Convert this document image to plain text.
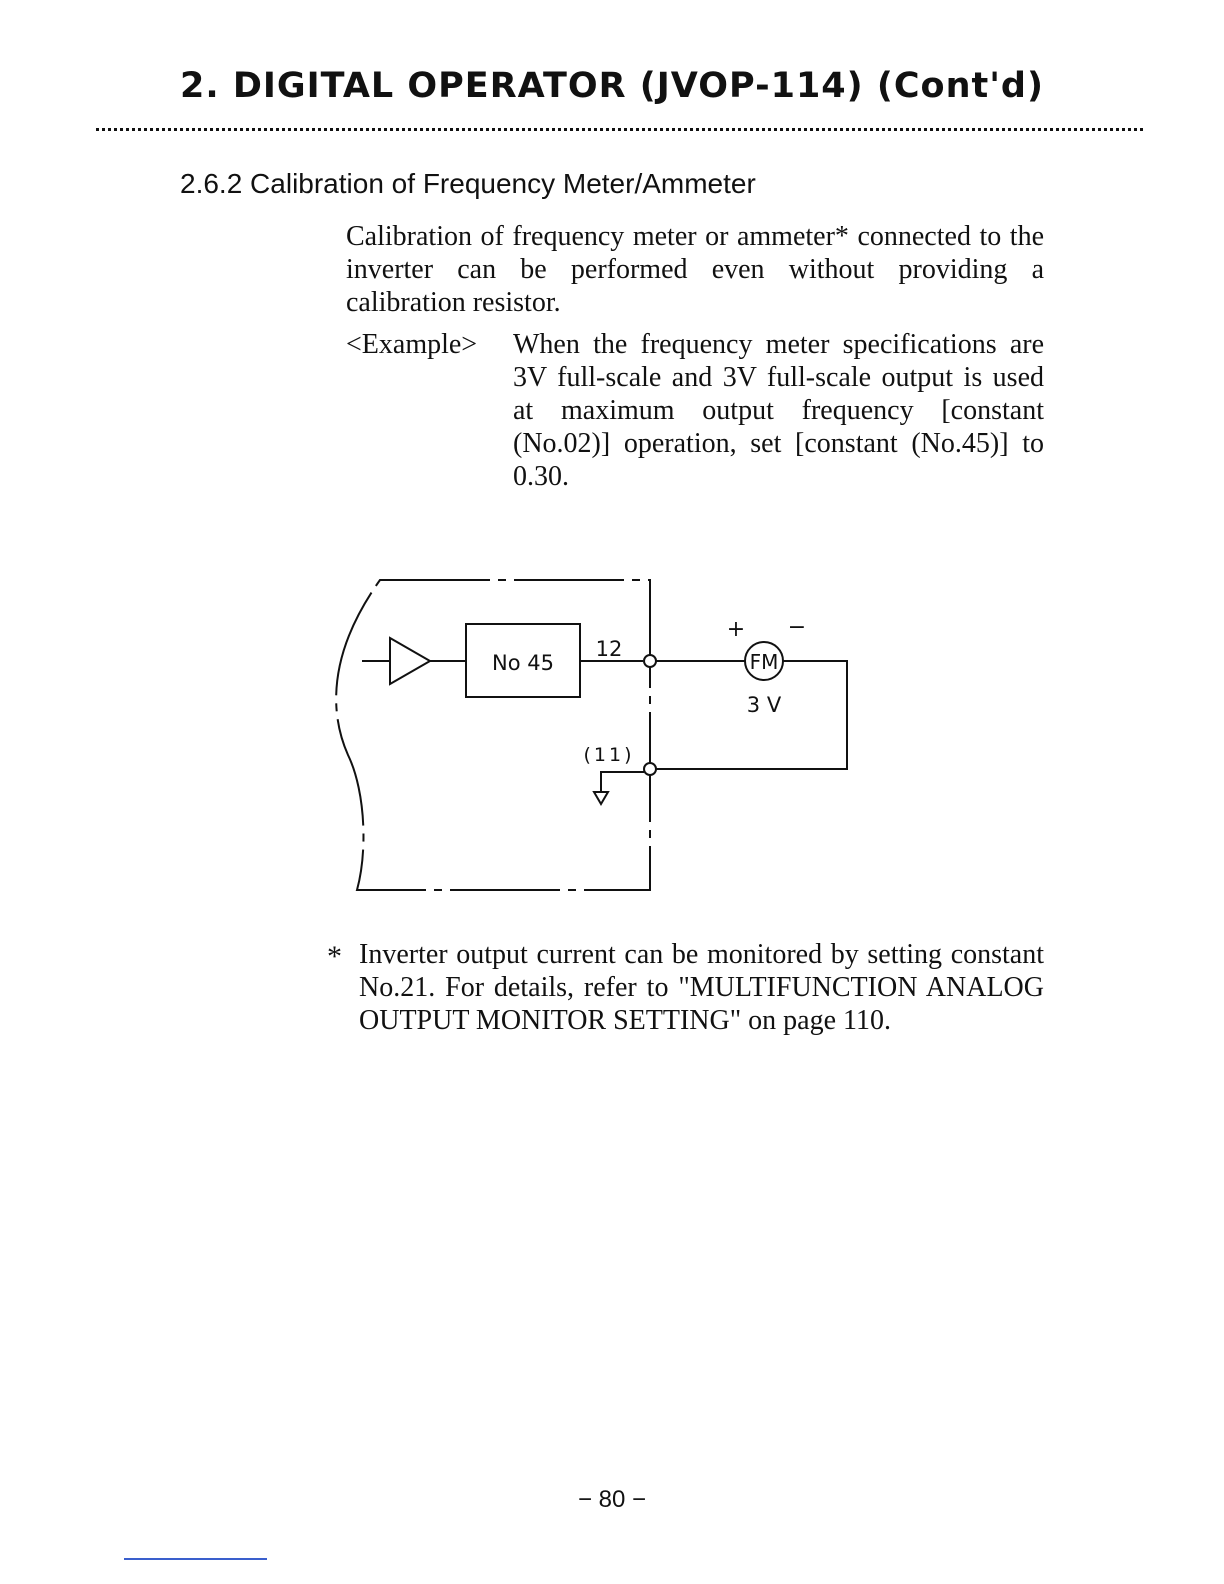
2. DIGITAL OPERATOR (JVOP-114) (Cont'd)
2.6.2 Calibration of Frequency Meter/Ammeter

Calibration of frequency meter or ammeter* connected to the inverter can be performed even without providing a calibration resistor.

<Example> When the frequency meter specifications are 3V full-scale and 3V full-scale output is used at maximum output frequency [constant (No.02)] operation, set [constant (No.45)] to 0.30.

No 45
12
FM
+ −
3 V
(11)
* Inverter output current can be monitored by setting constant No.21. For details, refer to "MULTIFUNCTION ANALOG OUTPUT MONITOR SETTING" on page 110.

− 80 −
